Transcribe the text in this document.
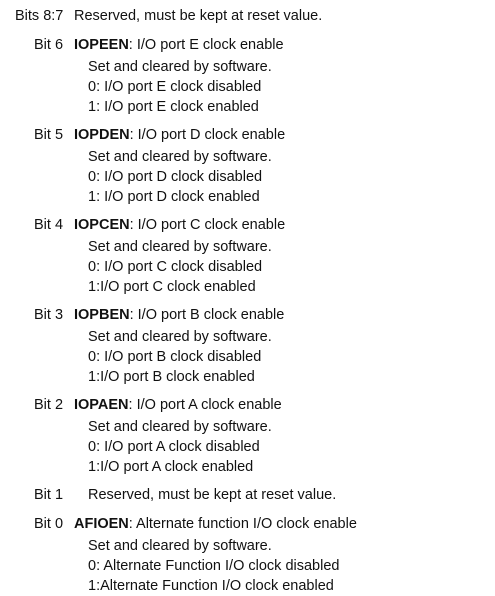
Bits 8:7 Reserved, must be kept at reset value.
Bit 6 IOPEEN: I/O port E clock enable
Set and cleared by software.
0: I/O port E clock disabled
1: I/O port E clock enabled
Bit 5 IOPDEN: I/O port D clock enable
Set and cleared by software.
0: I/O port D clock disabled
1: I/O port D clock enabled
Bit 4 IOPCEN: I/O port C clock enable
Set and cleared by software.
0: I/O port C clock disabled
1:I/O port C clock enabled
Bit 3 IOPBEN: I/O port B clock enable
Set and cleared by software.
0: I/O port B clock disabled
1:I/O port B clock enabled
Bit 2 IOPAEN: I/O port A clock enable
Set and cleared by software.
0: I/O port A clock disabled
1:I/O port A clock enabled
Bit 1 Reserved, must be kept at reset value.
Bit 0 AFIOEN: Alternate function I/O clock enable
Set and cleared by software.
0: Alternate Function I/O clock disabled
1:Alternate Function I/O clock enabled
